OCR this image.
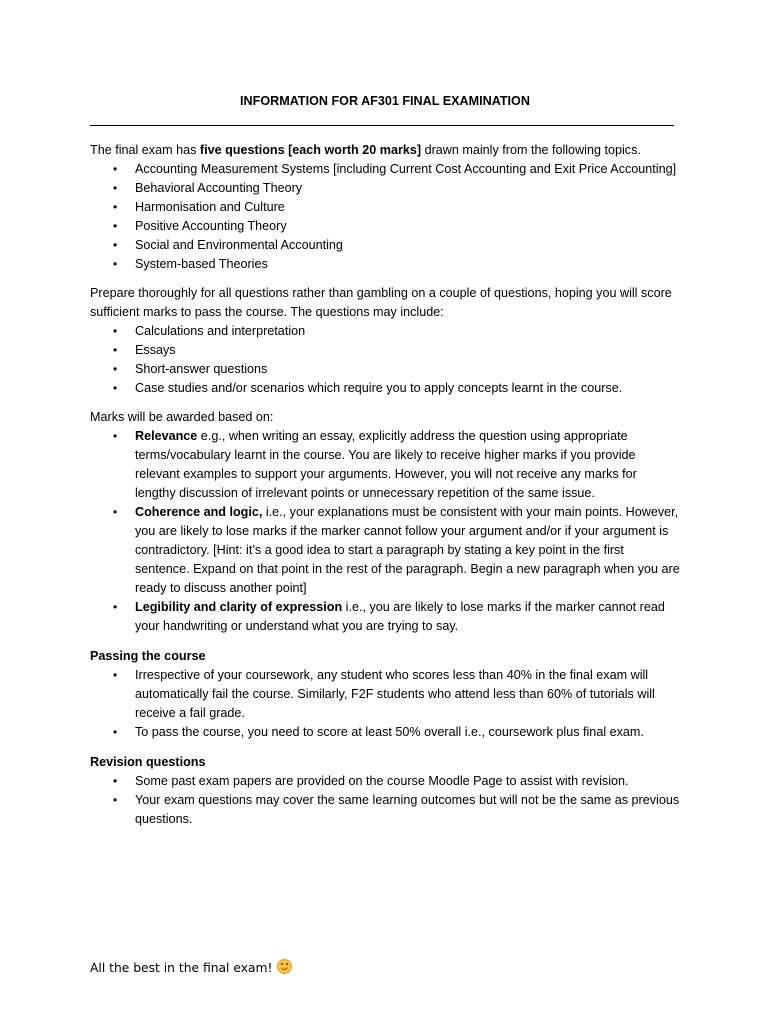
INFORMATION FOR AF301 FINAL EXAMINATION

The final exam has five questions [each worth 20 marks] drawn mainly from the following topics.

• Accounting Measurement Systems [including Current Cost Accounting and Exit Price Accounting]
• Behavioral Accounting Theory
• Harmonisation and Culture
• Positive Accounting Theory
• Social and Environmental Accounting
• System-based Theories

Prepare thoroughly for all questions rather than gambling on a couple of questions, hoping you will score sufficient marks to pass the course. The questions may include:

• Calculations and interpretation
• Essays
• Short-answer questions
• Case studies and/or scenarios which require you to apply concepts learnt in the course.

Marks will be awarded based on:

• Relevance e.g., when writing an essay, explicitly address the question using appropriate terms/vocabulary learnt in the course. You are likely to receive higher marks if you provide relevant examples to support your arguments. However, you will not receive any marks for lengthy discussion of irrelevant points or unnecessary repetition of the same issue.
• Coherence and logic, i.e., your explanations must be consistent with your main points. However, you are likely to lose marks if the marker cannot follow your argument and/or if your argument is contradictory. [Hint: it’s a good idea to start a paragraph by stating a key point in the first sentence. Expand on that point in the rest of the paragraph. Begin a new paragraph when you are ready to discuss another point]
• Legibility and clarity of expression i.e., you are likely to lose marks if the marker cannot read your handwriting or understand what you are trying to say.

Passing the course

• Irrespective of your coursework, any student who scores less than 40% in the final exam will automatically fail the course. Similarly, F2F students who attend less than 60% of tutorials will receive a fail grade.
• To pass the course, you need to score at least 50% overall i.e., coursework plus final exam.

Revision questions

• Some past exam papers are provided on the course Moodle Page to assist with revision.
• Your exam questions may cover the same learning outcomes but will not be the same as previous questions.

All the best in the final exam!
